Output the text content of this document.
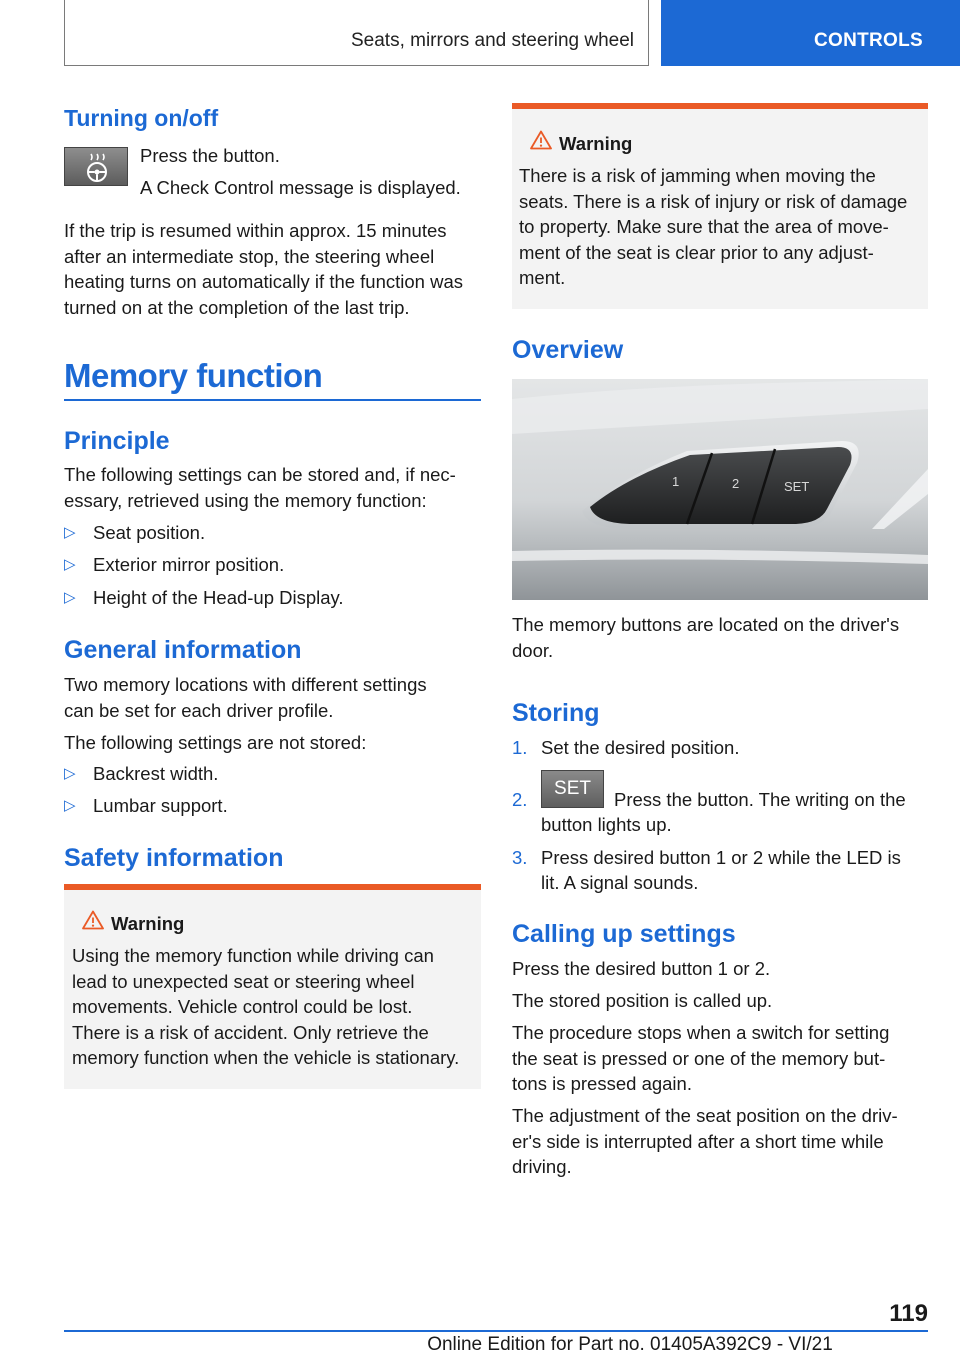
Seats, mirrors and steering wheel	CONTROLS
Turning on/off
Press the button.
A Check Control message is displayed.
If the trip is resumed within approx. 15 minutes
after an intermediate stop, the steering wheel
heating turns on automatically if the function was
turned on at the completion of the last trip.
Memory function
Principle
The following settings can be stored and, if nec‐
essary, retrieved using the memory function:
▷ Seat position.
▷ Exterior mirror position.
▷ Height of the Head-up Display.
General information
Two memory locations with different settings
can be set for each driver profile.
The following settings are not stored:
▷ Backrest width.
▷ Lumbar support.
Safety information
Warning
Using the memory function while driving can
lead to unexpected seat or steering wheel
movements. Vehicle control could be lost.
There is a risk of accident. Only retrieve the
memory function when the vehicle is stationary.
Warning
There is a risk of jamming when moving the
seats. There is a risk of injury or risk of damage
to property. Make sure that the area of move‐
ment of the seat is clear prior to any adjust‐
ment.
Overview
1	2	SET
The memory buttons are located on the driver's
door.
Storing
1. Set the desired position.
2.
SET
Press the button. The writing on the
button lights up.
3. Press desired button 1 or 2 while the LED is
lit. A signal sounds.
Calling up settings
Press the desired button 1 or 2.
The stored position is called up.
The procedure stops when a switch for setting
the seat is pressed or one of the memory but‐
tons is pressed again.
The adjustment of the seat position on the driv‐
er's side is interrupted after a short time while
driving.
119
Online Edition for Part no. 01405A392C9 - VI/21
